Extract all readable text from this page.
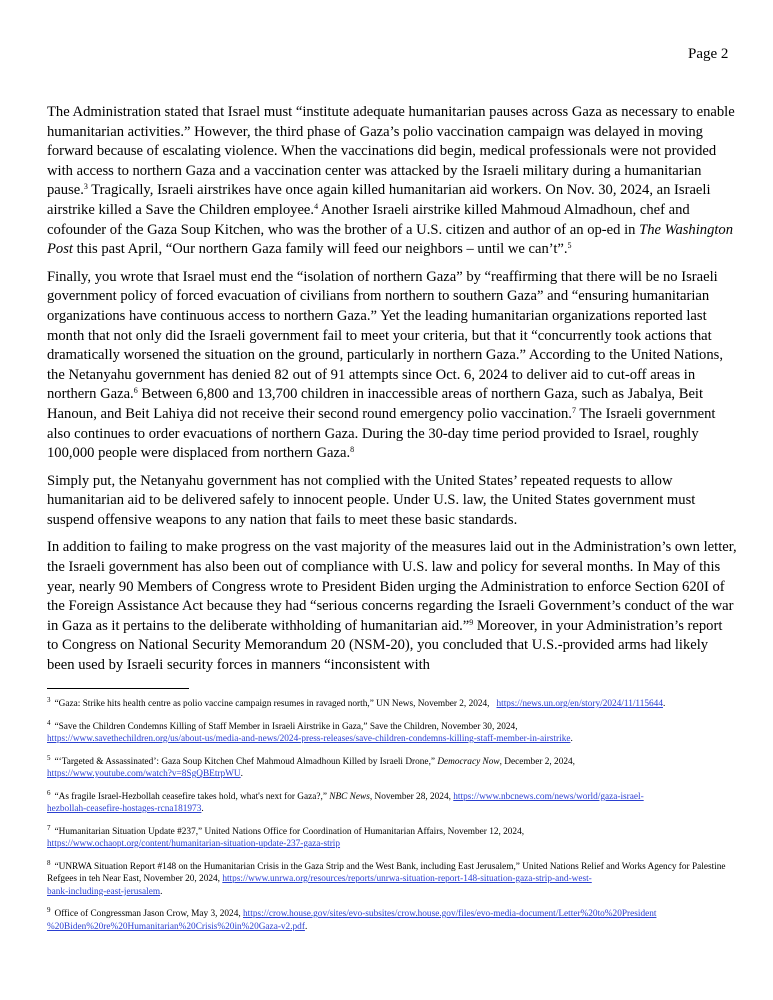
Page 2

The Administration stated that Israel must “institute adequate humanitarian pauses across Gaza as necessary to enable humanitarian activities.” However, the third phase of Gaza’s polio vaccination campaign was delayed in moving forward because of escalating violence. When the vaccinations did begin, medical professionals were not provided with access to northern Gaza and a vaccination center was attacked by the Israeli military during a humanitarian pause.$^3$ Tragically, Israeli airstrikes have once again killed humanitarian aid workers. On Nov. 30, 2024, an Israeli airstrike killed a Save the Children employee.$^4$ Another Israeli airstrike killed Mahmoud Almadhoun, chef and cofounder of the Gaza Soup Kitchen, who was the brother of a U.S. citizen and author of an op-ed in The Washington Post this past April, “Our northern Gaza family will feed our neighbors – until we can’t”.$^5$

Finally, you wrote that Israel must end the “isolation of northern Gaza” by “reaffirming that there will be no Israeli government policy of forced evacuation of civilians from northern to southern Gaza” and “ensuring humanitarian organizations have continuous access to northern Gaza.” Yet the leading humanitarian organizations reported last month that not only did the Israeli government fail to meet your criteria, but that it “concurrently took actions that dramatically worsened the situation on the ground, particularly in northern Gaza.” According to the United Nations, the Netanyahu government has denied 82 out of 91 attempts since Oct. 6, 2024 to deliver aid to cut-off areas in northern Gaza.$^6$ Between 6,800 and 13,700 children in inaccessible areas of northern Gaza, such as Jabalya, Beit Hanoun, and Beit Lahiya did not receive their second round emergency polio vaccination.$^7$ The Israeli government also continues to order evacuations of northern Gaza. During the 30-day time period provided to Israel, roughly 100,000 people were displaced from northern Gaza.$^8$

Simply put, the Netanyahu government has not complied with the United States’ repeated requests to allow humanitarian aid to be delivered safely to innocent people. Under U.S. law, the United States government must suspend offensive weapons to any nation that fails to meet these basic standards.

In addition to failing to make progress on the vast majority of the measures laid out in the Administration’s own letter, the Israeli government has also been out of compliance with U.S. law and policy for several months. In May of this year, nearly 90 Members of Congress wrote to President Biden urging the Administration to enforce Section 620I of the Foreign Assistance Act because they had “serious concerns regarding the Israeli Government’s conduct of the war in Gaza as it pertains to the deliberate withholding of humanitarian aid.”$^9$ Moreover, in your Administration’s report to Congress on National Security Memorandum 20 (NSM-20), you concluded that U.S.-provided arms had likely been used by Israeli security forces in manners “inconsistent with

$^3$ “Gaza: Strike hits health centre as polio vaccine campaign resumes in ravaged north,” UN News, November 2, 2024,   https://news.un.org/en/story/2024/11/115644.
$^4$ “Save the Children Condemns Killing of Staff Member in Israeli Airstrike in Gaza,” Save the Children, November 30, 2024,
https://www.savethechildren.org/us/about-us/media-and-news/2024-press-releases/save-children-condemns-killing-staff-member-in-airstrike.
$^5$ “‘Targeted & Assassinated’: Gaza Soup Kitchen Chef Mahmoud Almadhoun Killed by Israeli Drone,” Democracy Now, December 2, 2024,
https://www.youtube.com/watch?v=8SgQBEtrpWU.
$^6$ “As fragile Israel-Hezbollah ceasefire takes hold, what's next for Gaza?,” NBC News, November 28, 2024, https://www.nbcnews.com/news/world/gaza-israel-
hezbollah-ceasefire-hostages-rcna181973.
$^7$ “Humanitarian Situation Update #237,” United Nations Office for Coordination of Humanitarian Affairs, November 12, 2024,
https://www.ochaopt.org/content/humanitarian-situation-update-237-gaza-strip
$^8$ “UNRWA Situation Report #148 on the Humanitarian Crisis in the Gaza Strip and the West Bank, including East Jerusalem,” United Nations Relief and Works Agency for Palestine Refgees in teh Near East, November 20, 2024, https://www.unrwa.org/resources/reports/unrwa-situation-report-148-situation-gaza-strip-and-west-
bank-including-east-jerusalem.
$^9$ Office of Congressman Jason Crow, May 3, 2024, https://crow.house.gov/sites/evo-subsites/crow.house.gov/files/evo-media-document/Letter%20to%20President
%20Biden%20re%20Humanitarian%20Crisis%20in%20Gaza-v2.pdf.
